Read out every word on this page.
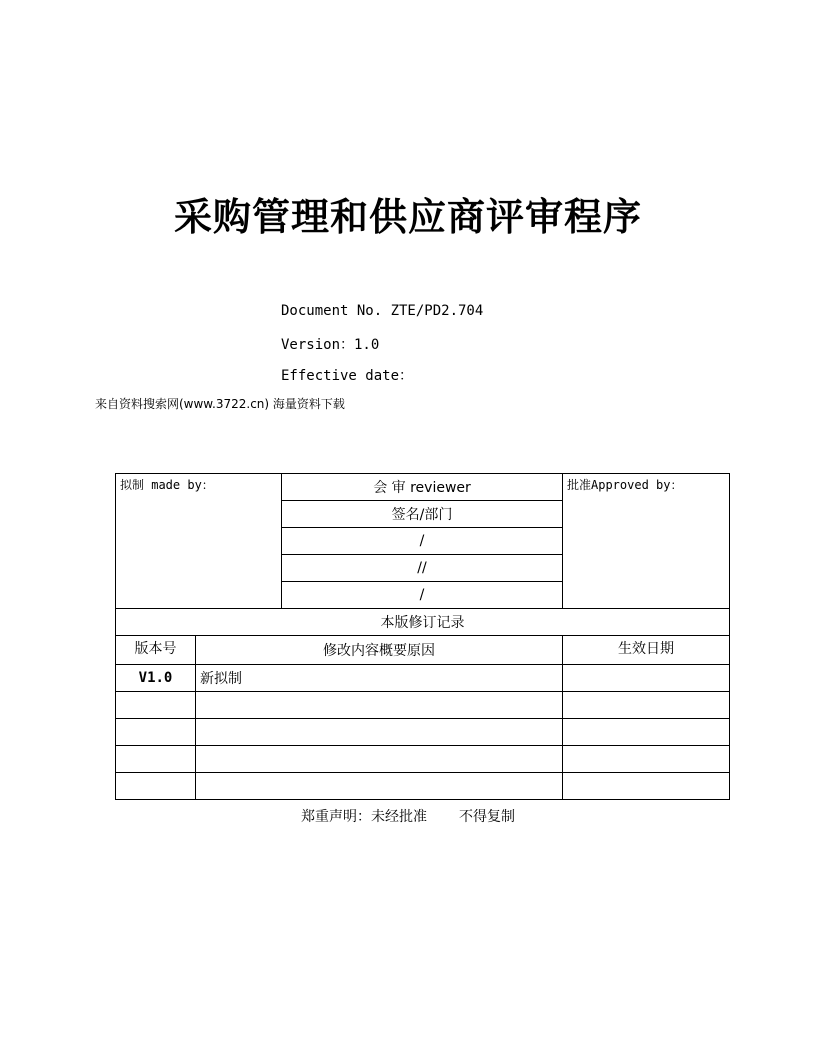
采购管理和供应商评审程序
Document No. ZTE/PD2.704
Version：1.0
Effective date：
来自资料搜索网(www.3722.cn) 海量资料下载
拟制 made by：		会 审 reviewer	批准Approved by：
		签名/部门	
		/	
		//	
		/	
本版修订记录			
版本号	修改内容概要原因		生效日期
V1.0	新拟制		

郑重声明：未经批准 不得复制
